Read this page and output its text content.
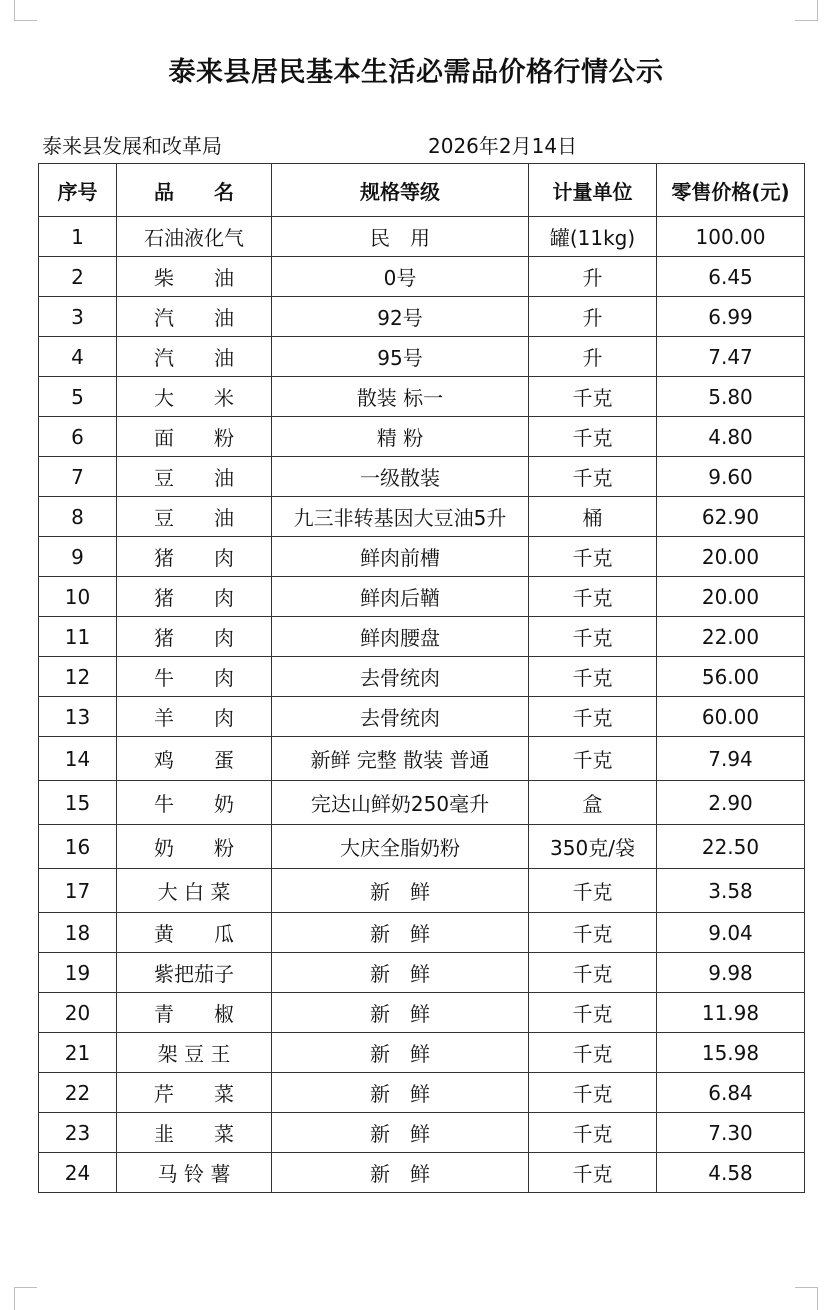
泰来县居民基本生活必需品价格行情公示
泰来县发展和改革局	2026年2月14日
序号	品　　名	规格等级	计量单位	零售价格(元)
1	石油液化气	民　用	罐(11kg)	100.00
2	柴　　油	0号	升	6.45
3	汽　　油	92号	升	6.99
4	汽　　油	95号	升	7.47
5	大　　米	散装 标一	千克	5.80
6	面　　粉	精 粉	千克	4.80
7	豆　　油	一级散装	千克	9.60
8	豆　　油	九三非转基因大豆油5升	桶	62.90
9	猪　　肉	鲜肉前槽	千克	20.00
10	猪　　肉	鲜肉后鞧	千克	20.00
11	猪　　肉	鲜肉腰盘	千克	22.00
12	牛　　肉	去骨统肉	千克	56.00
13	羊　　肉	去骨统肉	千克	60.00
14	鸡　　蛋	新鲜 完整 散装 普通	千克	7.94
15	牛　　奶	完达山鲜奶250毫升	盒	2.90
16	奶　　粉	大庆全脂奶粉	350克/袋	22.50
17	大 白 菜	新　鲜	千克	3.58
18	黄　　瓜	新　鲜	千克	9.04
19	紫把茄子	新　鲜	千克	9.98
20	青　　椒	新　鲜	千克	11.98
21	架 豆 王	新　鲜	千克	15.98
22	芹　　菜	新　鲜	千克	6.84
23	韭　　菜	新　鲜	千克	7.30
24	马 铃 薯	新　鲜	千克	4.58
